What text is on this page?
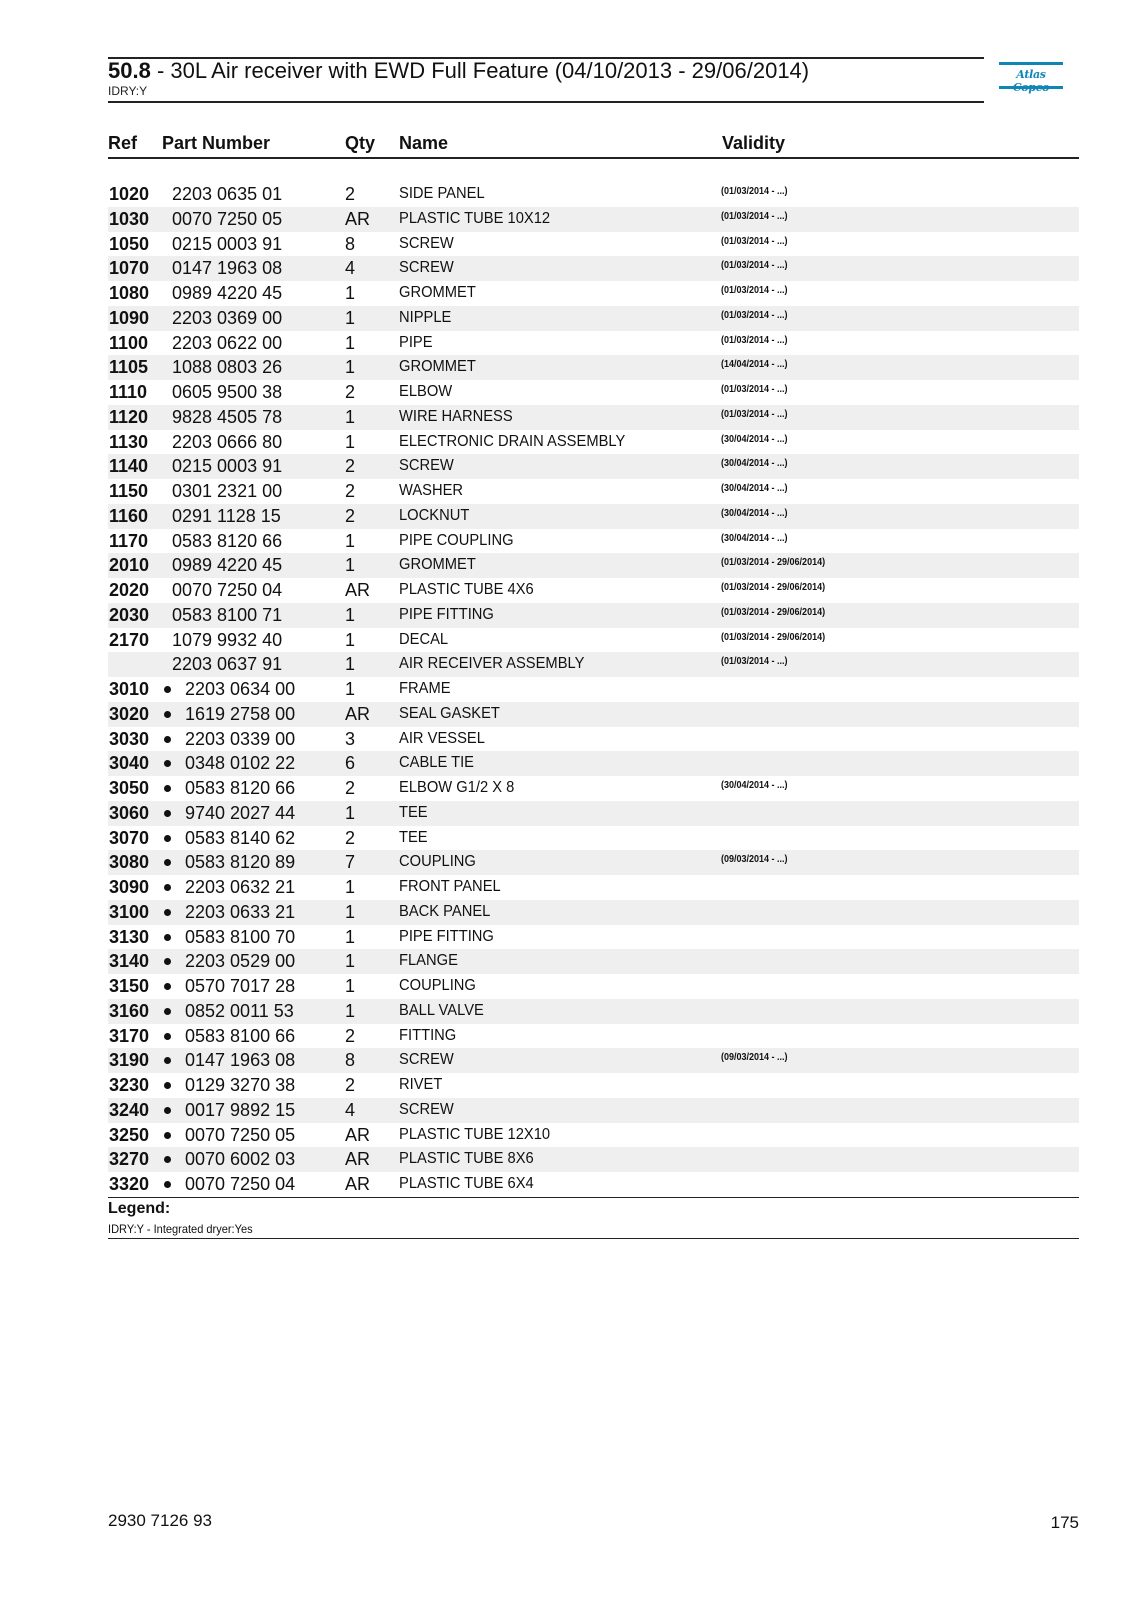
50.8 - 30L Air receiver with EWD Full Feature (04/10/2013 - 29/06/2014)
IDRY:Y
Atlas
Ref Part Number	Qty Name	Validity
1020 2203 0635 01	2	SIDE PANEL	(01/03/2014 - ...)
1030 0070 7250 05	AR PLASTIC TUBE 10X12	(01/03/2014 - ...)
1050 0215 0003 91	8	SCREW	(01/03/2014 - ...)
1070 0147 1963 08	4	SCREW	(01/03/2014 - ...)
1080 0989 4220 45	1	GROMMET	(01/03/2014 - ...)
1090 2203 0369 00	1	NIPPLE	(01/03/2014 - ...)
1100 2203 0622 00	1	PIPE	(01/03/2014 - ...)
1105 1088 0803 26	1	GROMMET	(14/04/2014 - ...)
1110 0605 9500 38	2	ELBOW	(01/03/2014 - ...)
1120 9828 4505 78	1	WIRE HARNESS	(01/03/2014 - ...)
1130 2203 0666 80	1	ELECTRONIC DRAIN ASSEMBLY	(30/04/2014 - ...)
1140 0215 0003 91	2	SCREW	(30/04/2014 - ...)
1150 0301 2321 00	2	WASHER	(30/04/2014 - ...)
1160 0291 1128 15	2	LOCKNUT	(30/04/2014 - ...)
1170 0583 8120 66	1	PIPE COUPLING	(30/04/2014 - ...)
2010 0989 4220 45	1	GROMMET	(01/03/2014 - 29/06/2014)
2020 0070 7250 04	AR PLASTIC TUBE 4X6	(01/03/2014 - 29/06/2014)
2030 0583 8100 71	1	PIPE FITTING	(01/03/2014 - 29/06/2014)
2170 1079 9932 40	1	DECAL	(01/03/2014 - 29/06/2014)
2203 0637 91	1	AIR RECEIVER ASSEMBLY	(01/03/2014 - ...)
3010 2203 0634 00	1	FRAME
3020 1619 2758 00	AR SEAL GASKET
3030 2203 0339 00	3	AIR VESSEL
3040 0348 0102 22	6	CABLE TIE
3050 0583 8120 66	2	ELBOW G1/2 X 8	(30/04/2014 - ...)
3060 9740 2027 44	1	TEE
3070 0583 8140 62	2	TEE
3080 0583 8120 89	7	COUPLING	(09/03/2014 - ...)
3090 2203 0632 21	1	FRONT PANEL
3100 2203 0633 21	1	BACK PANEL
3130 0583 8100 70	1	PIPE FITTING
3140 2203 0529 00	1	FLANGE
3150 0570 7017 28	1	COUPLING
3160 0852 0011 53	1	BALL VALVE
3170 0583 8100 66	2	FITTING
3190 0147 1963 08	8	SCREW	(09/03/2014 - ...)
3230 0129 3270 38	2	RIVET
3240 0017 9892 15	4	SCREW
3250 0070 7250 05	AR PLASTIC TUBE 12X10
3270 0070 6002 03	AR PLASTIC TUBE 8X6
3320 0070 7250 04	AR PLASTIC TUBE 6X4
Legend:
IDRY:Y - Integrated dryer:Yes
2930 7126 93	175
